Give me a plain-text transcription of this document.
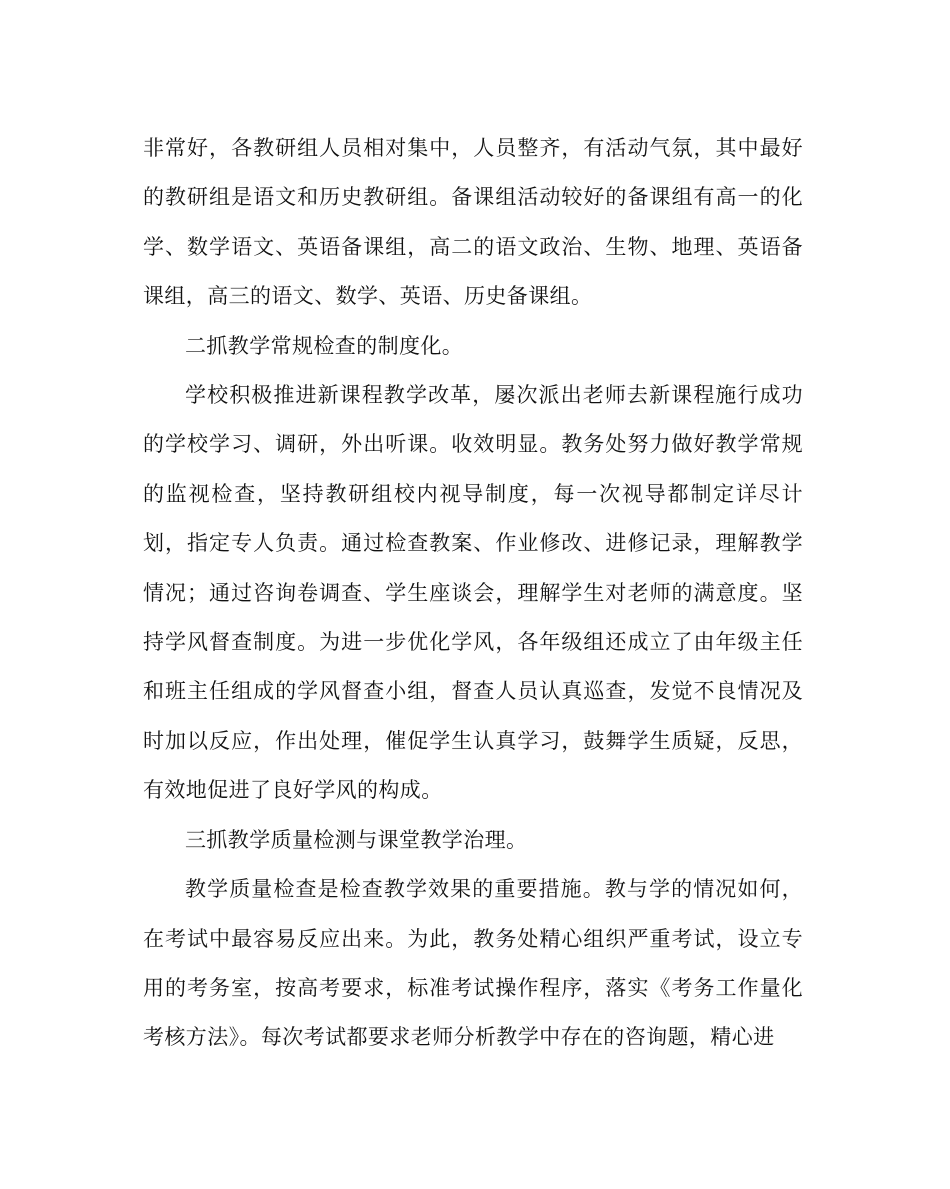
非常好，各教研组人员相对集中，人员整齐，有活动气氛，其中最好的教研组是语文和历史教研组。备课组活动较好的备课组有高一的化学、数学语文、英语备课组，高二的语文政治、生物、地理、英语备课组，高三的语文、数学、英语、历史备课组。

二抓教学常规检查的制度化。

学校积极推进新课程教学改革，屡次派出老师去新课程施行成功的学校学习、调研，外出听课。收效明显。教务处努力做好教学常规的监视检查，坚持教研组校内视导制度，每一次视导都制定详尽计划，指定专人负责。通过检查教案、作业修改、进修记录，理解教学情况；通过咨询卷调查、学生座谈会，理解学生对老师的满意度。坚持学风督查制度。为进一步优化学风，各年级组还成立了由年级主任和班主任组成的学风督查小组，督查人员认真巡查，发觉不良情况及时加以反应，作出处理，催促学生认真学习，鼓舞学生质疑，反思，有效地促进了良好学风的构成。

三抓教学质量检测与课堂教学治理。

教学质量检查是检查教学效果的重要措施。教与学的情况如何，在考试中最容易反应出来。为此，教务处精心组织严重考试，设立专用的考务室，按高考要求，标准考试操作程序，落实《考务工作量化考核方法》。每次考试都要求老师分析教学中存在的咨询题，精心进
